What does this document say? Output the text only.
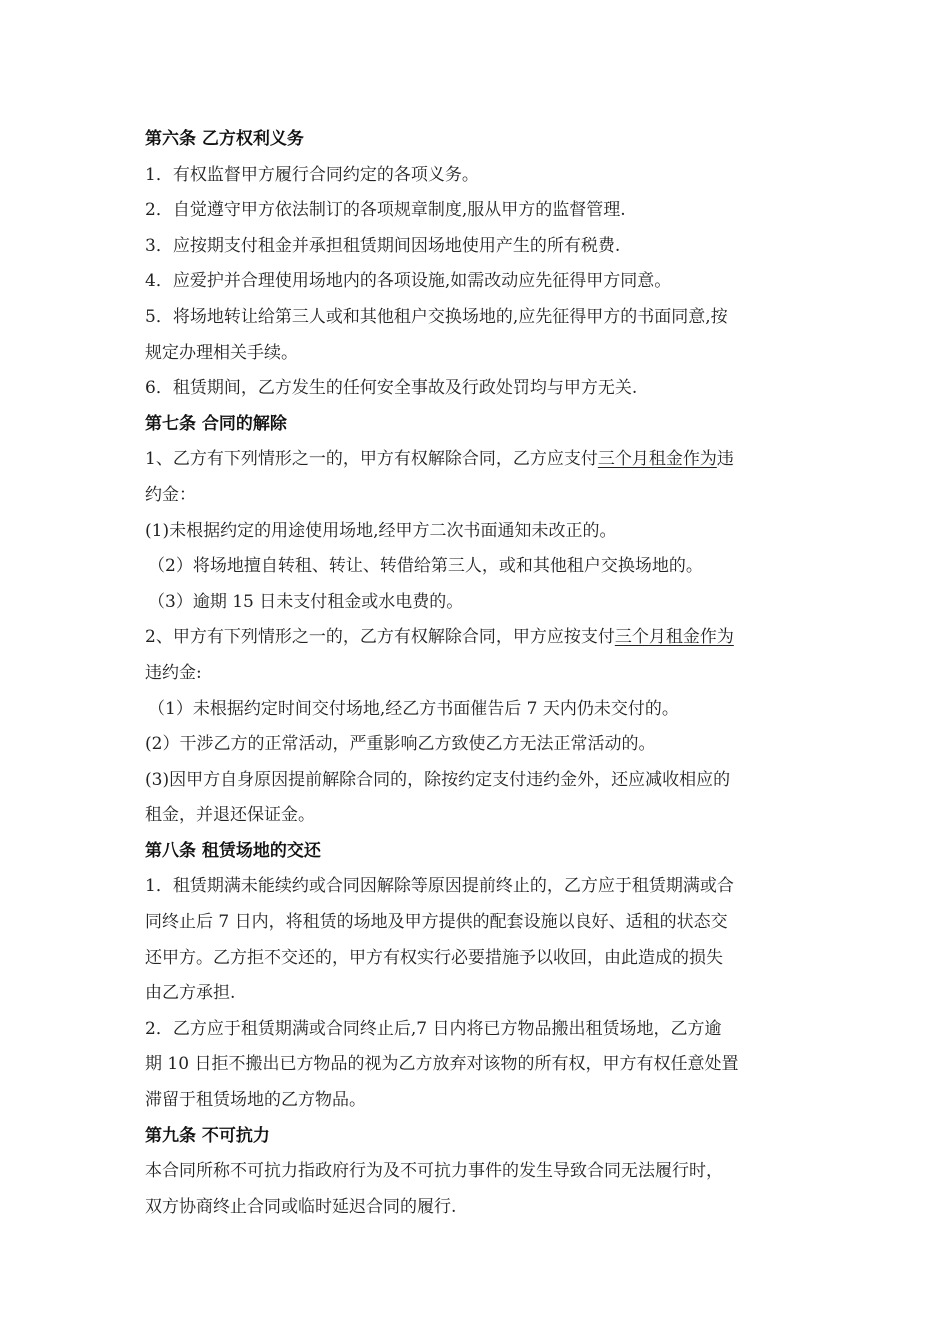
第六条 乙方权利义务
1．有权监督甲方履行合同约定的各项义务。
2．自觉遵守甲方依法制订的各项规章制度,服从甲方的监督管理.
3．应按期支付租金并承担租赁期间因场地使用产生的所有税费.
4．应爱护并合理使用场地内的各项设施,如需改动应先征得甲方同意。
5．将场地转让给第三人或和其他租户交换场地的,应先征得甲方的书面同意,按
规定办理相关手续。
6．租赁期间，乙方发生的任何安全事故及行政处罚均与甲方无关.
第七条 合同的解除
1、乙方有下列情形之一的，甲方有权解除合同，乙方应支付三个月租金作为违
约金：
(1)未根据约定的用途使用场地,经甲方二次书面通知未改正的。
（2）将场地擅自转租、转让、转借给第三人，或和其他租户交换场地的。
（3）逾期 15 日未支付租金或水电费的。
2、甲方有下列情形之一的，乙方有权解除合同，甲方应按支付三个月租金作为
违约金:
（1）未根据约定时间交付场地,经乙方书面催告后 7 天内仍未交付的。
(2）干涉乙方的正常活动，严重影响乙方致使乙方无法正常活动的。
(3)因甲方自身原因提前解除合同的，除按约定支付违约金外，还应减收相应的
租金，并退还保证金。
第八条 租赁场地的交还
1．租赁期满未能续约或合同因解除等原因提前终止的，乙方应于租赁期满或合
同终止后 7 日内，将租赁的场地及甲方提供的配套设施以良好、适租的状态交
还甲方。乙方拒不交还的，甲方有权实行必要措施予以收回，由此造成的损失
由乙方承担.
2．乙方应于租赁期满或合同终止后,7 日内将已方物品搬出租赁场地，乙方逾
期 10 日拒不搬出已方物品的视为乙方放弃对该物的所有权，甲方有权任意处置
滞留于租赁场地的乙方物品。
第九条 不可抗力
本合同所称不可抗力指政府行为及不可抗力事件的发生导致合同无法履行时，
双方协商终止合同或临时延迟合同的履行.
